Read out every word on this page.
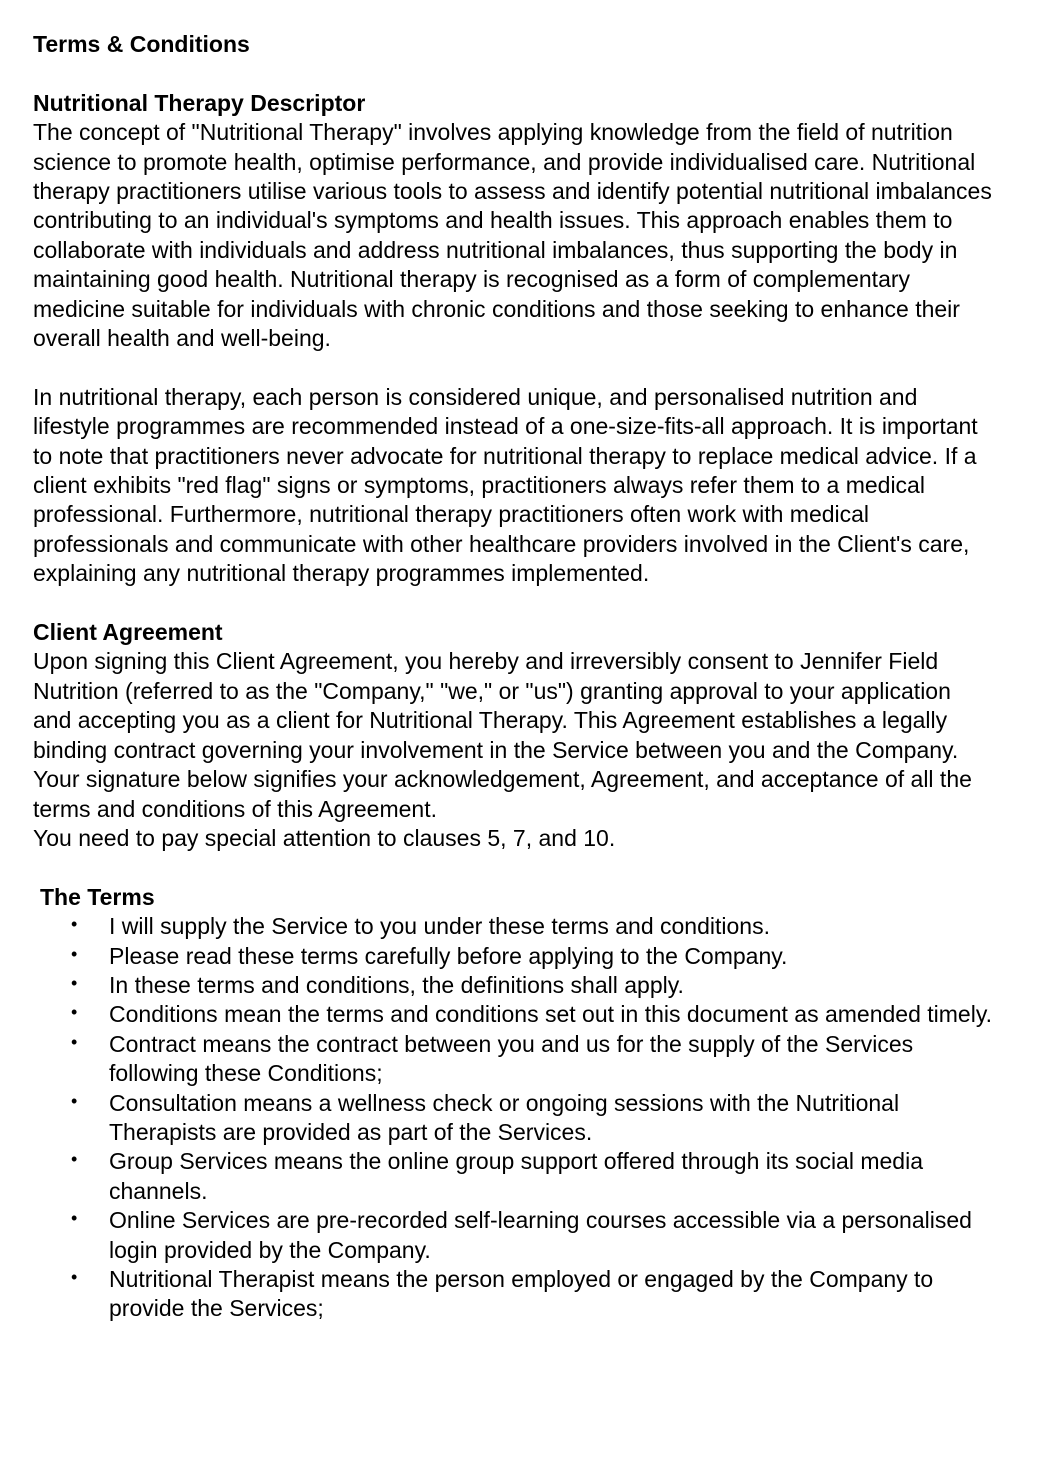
Terms & Conditions

Nutritional Therapy Descriptor

The concept of "Nutritional Therapy" involves applying knowledge from the field of nutrition science to promote health, optimise performance, and provide individualised care. Nutritional therapy practitioners utilise various tools to assess and identify potential nutritional imbalances contributing to an individual's symptoms and health issues. This approach enables them to collaborate with individuals and address nutritional imbalances, thus supporting the body in maintaining good health. Nutritional therapy is recognised as a form of complementary medicine suitable for individuals with chronic conditions and those seeking to enhance their overall health and well-being.

In nutritional therapy, each person is considered unique, and personalised nutrition and lifestyle programmes are recommended instead of a one-size-fits-all approach. It is important to note that practitioners never advocate for nutritional therapy to replace medical advice. If a client exhibits "red flag" signs or symptoms, practitioners always refer them to a medical professional. Furthermore, nutritional therapy practitioners often work with medical professionals and communicate with other healthcare providers involved in the Client's care, explaining any nutritional therapy programmes implemented.

Client Agreement

Upon signing this Client Agreement, you hereby and irreversibly consent to Jennifer Field Nutrition (referred to as the "Company," "we," or "us") granting approval to your application and accepting you as a client for Nutritional Therapy. This Agreement establishes a legally binding contract governing your involvement in the Service between you and the Company. Your signature below signifies your acknowledgement, Agreement, and acceptance of all the terms and conditions of this Agreement.

You need to pay special attention to clauses 5, 7, and 10.

The Terms

• I will supply the Service to you under these terms and conditions.
• Please read these terms carefully before applying to the Company.
• In these terms and conditions, the definitions shall apply.
• Conditions mean the terms and conditions set out in this document as amended timely.
• Contract means the contract between you and us for the supply of the Services following these Conditions;
• Consultation means a wellness check or ongoing sessions with the Nutritional Therapists are provided as part of the Services.
• Group Services means the online group support offered through its social media channels.
• Online Services are pre-recorded self-learning courses accessible via a personalised login provided by the Company.
• Nutritional Therapist means the person employed or engaged by the Company to provide the Services;
